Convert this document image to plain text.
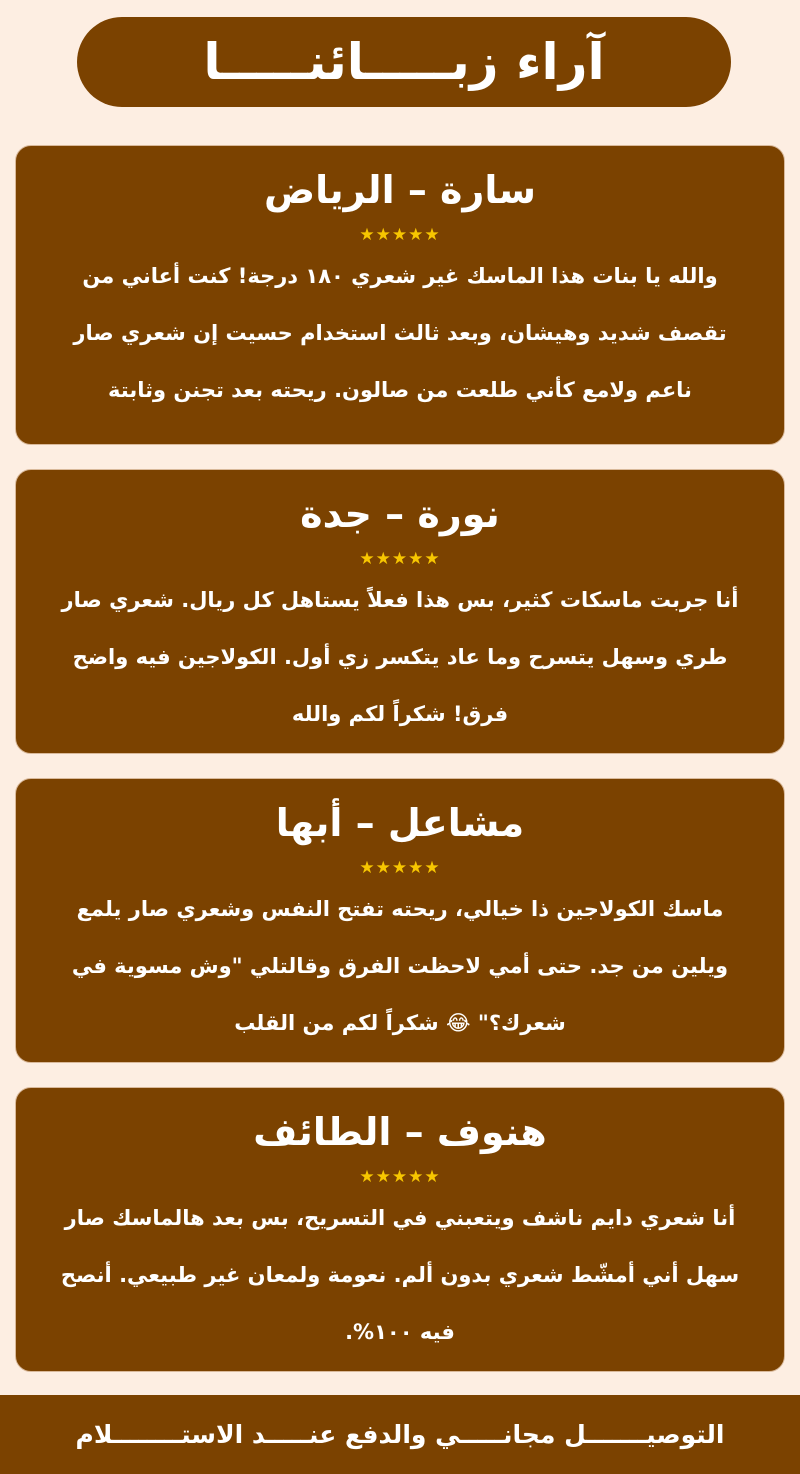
آراء زبـــــائنـــــا
سارة – الرياض
★★★★★
والله يا بنات هذا الماسك غير شعري ١٨٠ درجة! كنت أعاني من تقصف شديد وهيشان، وبعد ثالث استخدام حسيت إن شعري صار ناعم ولامع كأني طلعت من صالون. ريحته بعد تجنن وثابتة
نورة – جدة
★★★★★
أنا جربت ماسكات كثير، بس هذا فعلاً يستاهل كل ريال. شعري صار طري وسهل يتسرح وما عاد يتكسر زي أول. الكولاجين فيه واضح فرق! شكراً لكم والله
مشاعل – أبها
★★★★★
ماسك الكولاجين ذا خيالي، ريحته تفتح النفس وشعري صار يلمع ويلين من جد. حتى أمي لاحظت الفرق وقالتلي "وش مسوية في شعرك؟" 😂 شكراً لكم من القلب
هنوف – الطائف
★★★★★
أنا شعري دايم ناشف ويتعبني في التسريح، بس بعد هالماسك صار سهل أني أمشّط شعري بدون ألم. نعومة ولمعان غير طبيعي. أنصح فيه ١٠٠%.
التوصيـــــــل مجانـــــي والدفع عنـــــد الاستــــــــلام
